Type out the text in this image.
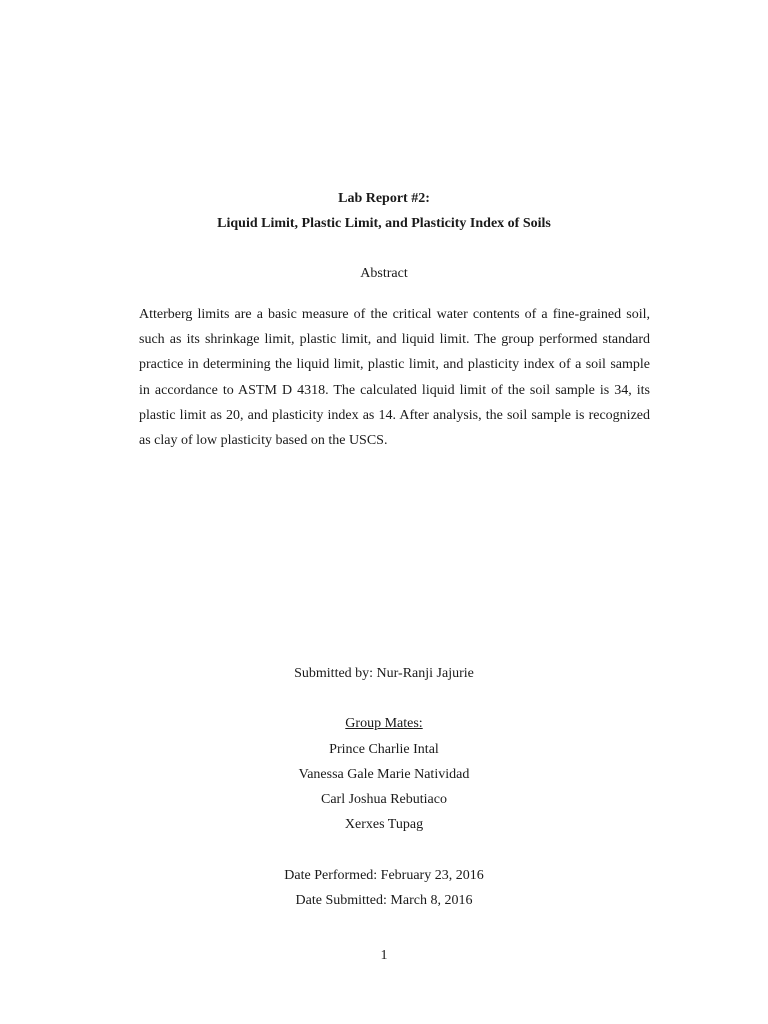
Lab Report #2:
Liquid Limit, Plastic Limit, and Plasticity Index of Soils
Abstract
Atterberg limits are a basic measure of the critical water contents of a fine-grained soil, such as its shrinkage limit, plastic limit, and liquid limit. The group performed standard practice in determining the liquid limit, plastic limit, and plasticity index of a soil sample in accordance to ASTM D 4318. The calculated liquid limit of the soil sample is 34, its plastic limit as 20, and plasticity index as 14. After analysis, the soil sample is recognized as clay of low plasticity based on the USCS.
Submitted by: Nur-Ranji Jajurie
Group Mates:
Prince Charlie Intal
Vanessa Gale Marie Natividad
Carl Joshua Rebutiaco
Xerxes Tupag
Date Performed: February 23, 2016
Date Submitted: March 8, 2016
1
